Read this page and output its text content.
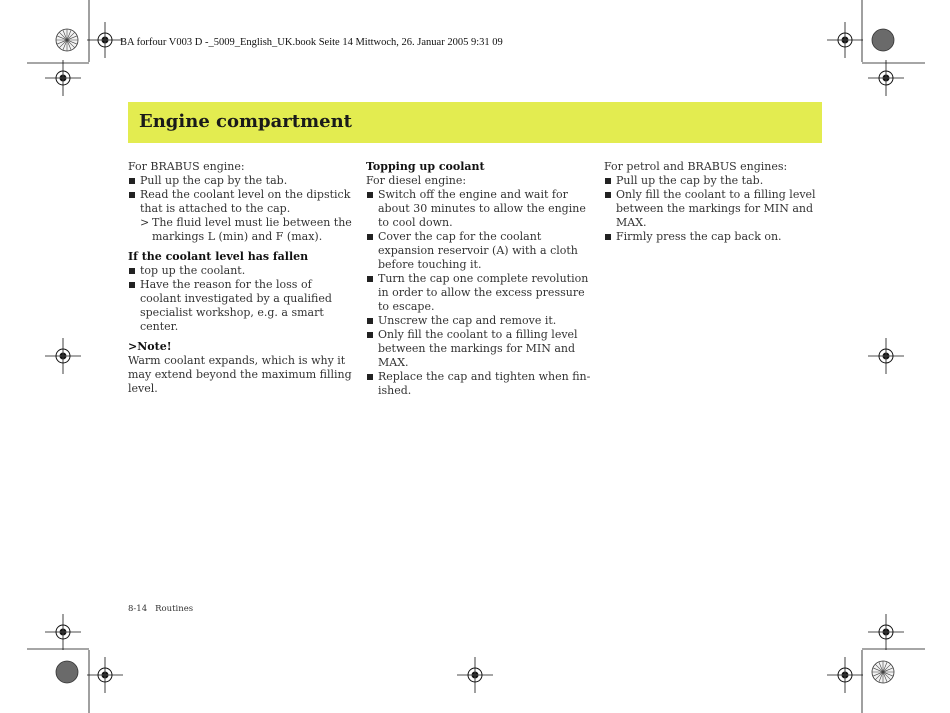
BA forfour V003 D -_5009_English_UK.book Seite 14 Mittwoch, 26. Januar 2005 9:31 09
Engine compartment

For BRABUS engine:

Pull up the cap by the tab.
Read the coolant level on the dipstick that is attached to the cap.
> The fluid level must lie between the markings L (min) and F (max).

If the coolant level has fallen

top up the coolant.
Have the reason for the loss of coolant investigated by a qualified specialist workshop, e.g. a smart center.

>Note!

Warm coolant expands, which is why it may extend beyond the maximum filling level.

Topping up coolant

For diesel engine:

Switch off the engine and wait for about 30 minutes to allow the engine to cool down.
Cover the cap for the coolant expansion reservoir (A) with a cloth before touching it.
Turn the cap one complete revolution in order to allow the excess pressure to escape.
Unscrew the cap and remove it.
Only fill the coolant to a filling level between the markings for MIN and MAX.
Replace the cap and tighten when fin-ished.

For petrol and BRABUS engines:

Pull up the cap by the tab.
Only fill the coolant to a filling level between the markings for MIN and MAX.
Firmly press the cap back on.
8-14 Routines
